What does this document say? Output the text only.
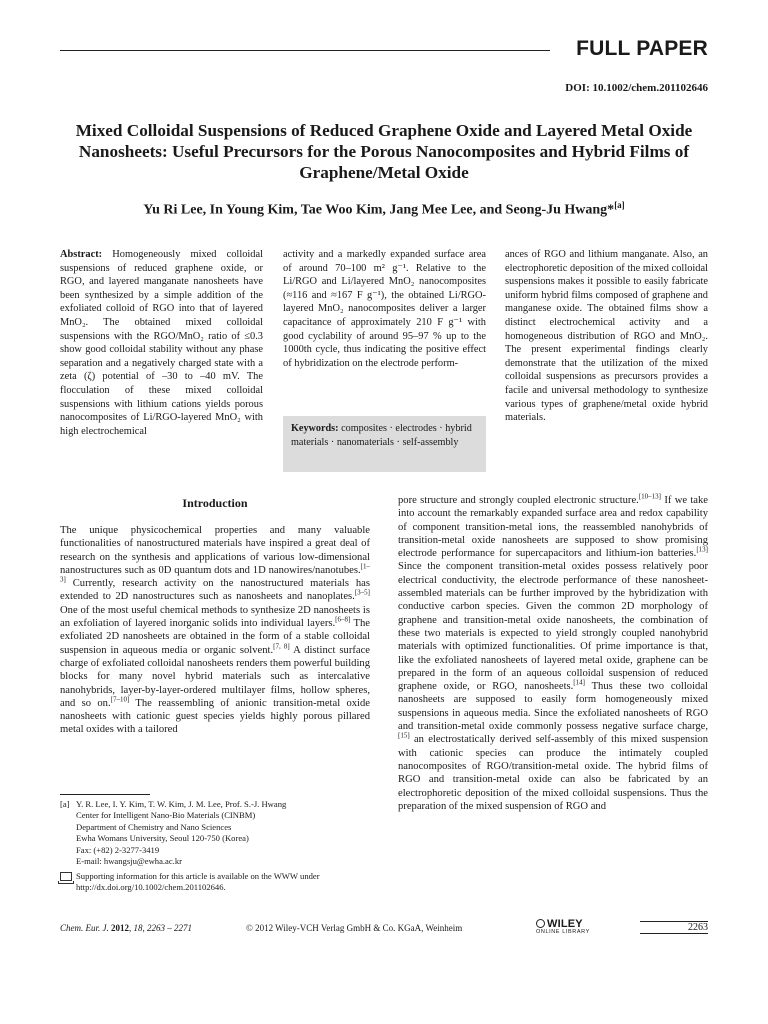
FULL PAPER
DOI: 10.1002/chem.201102646
Mixed Colloidal Suspensions of Reduced Graphene Oxide and Layered Metal Oxide Nanosheets: Useful Precursors for the Porous Nanocomposites and Hybrid Films of Graphene/Metal Oxide
Yu Ri Lee, In Young Kim, Tae Woo Kim, Jang Mee Lee, and Seong-Ju Hwang*[a]
Abstract: Homogeneously mixed colloidal suspensions of reduced graphene oxide, or RGO, and layered manganate nanosheets have been synthesized by a simple addition of the exfoliated colloid of RGO into that of layered MnO₂. The obtained mixed colloidal suspensions with the RGO/MnO₂ ratio of ≤0.3 show good colloidal stability without any phase separation and a negatively charged state with a zeta (ζ) potential of –30 to –40 mV. The flocculation of these mixed colloidal suspensions with lithium cations yields porous nanocomposites of Li/RGO-layered MnO₂ with high electrochemical
activity and a markedly expanded surface area of around 70–100 m² g⁻¹. Relative to the Li/RGO and Li/layered MnO₂ nanocomposites (≈116 and ≈167 F g⁻¹), the obtained Li/RGO-layered MnO₂ nanocomposites deliver a larger capacitance of approximately 210 F g⁻¹ with good cyclability of around 95–97 % up to the 1000th cycle, thus indicating the positive effect of hybridization on the electrode perform-
ances of RGO and lithium manganate. Also, an electrophoretic deposition of the mixed colloidal suspensions makes it possible to easily fabricate uniform hybrid films composed of graphene and manganese oxide. The obtained films show a distinct electrochemical activity and a homogeneous distribution of RGO and MnO₂. The present experimental findings clearly demonstrate that the utilization of the mixed colloidal suspensions as precursors provides a facile and universal methodology to synthesize various types of graphene/metal oxide hybrid materials.
Keywords: composites · electrodes · hybrid materials · nanomaterials · self-assembly
Introduction
The unique physicochemical properties and many valuable functionalities of nanostructured materials have inspired a great deal of research on the synthesis and applications of various low-dimensional nanostructures such as 0D quantum dots and 1D nanowires/nanotubes.[1–3] Currently, research activity on the nanostructured materials has extended to 2D nanostructures such as nanosheets and nanoplates.[3–5] One of the most useful chemical methods to synthesize 2D nanosheets is an exfoliation of layered inorganic solids into individual layers.[6–8] The exfoliated 2D nanosheets are obtained in the form of a stable colloidal suspension in aqueous media or organic solvent.[7, 8] A distinct surface charge of exfoliated colloidal nanosheets renders them powerful building blocks for many novel hybrid materials such as intercalative nanohybrids, layer-by-layer-ordered multilayer films, hollow spheres, and so on.[7–10] The reassembling of anionic transition-metal oxide nanosheets with cationic guest species yields highly porous pillared metal oxides with a tailored
pore structure and strongly coupled electronic structure.[10–13] If we take into account the remarkably expanded surface area and redox capability of component transition-metal ions, the reassembled nanohybrids of transition-metal oxide nanosheets are supposed to show promising electrode performance for supercapacitors and lithium-ion batteries.[13] Since the component transition-metal oxides possess relatively poor electrical conductivity, the electrode performance of these nanosheet-assembled materials can be further improved by the hybridization with conductive carbon species. Given the common 2D morphology of graphene and transition-metal oxide nanosheets, the combination of these two materials is expected to yield strongly coupled nanohybrid materials with optimized functionalities. Of prime importance is that, like the exfoliated nanosheets of layered metal oxide, graphene can be prepared in the form of an aqueous colloidal suspension of reduced graphene oxide, or RGO, nanosheets.[14] Thus these two colloidal nanosheets are supposed to easily form homogeneously mixed suspensions in aqueous media. Since the exfoliated nanosheets of RGO and transition-metal oxide commonly possess negative surface charge,[15] an electrostatically derived self-assembly of this mixed suspension with cationic species can produce the intimately coupled nanocomposites of RGO/transition-metal oxide. The hybrid films of RGO and transition-metal oxide can also be fabricated by an electrophoretic deposition of the mixed colloidal suspensions. Thus the preparation of the mixed suspension of RGO and
[a] Y. R. Lee, I. Y. Kim, T. W. Kim, J. M. Lee, Prof. S.-J. Hwang
Center for Intelligent Nano-Bio Materials (CINBM)
Department of Chemistry and Nano Sciences
Ewha Womans University, Seoul 120-750 (Korea)
Fax: (+82) 2-3277-3419
E-mail: hwangsju@ewha.ac.kr
Supporting information for this article is available on the WWW under http://dx.doi.org/10.1002/chem.201102646.
Chem. Eur. J. 2012, 18, 2263 – 2271	© 2012 Wiley-VCH Verlag GmbH & Co. KGaA, Weinheim	WILEY
ONLINE LIBRARY	2263
